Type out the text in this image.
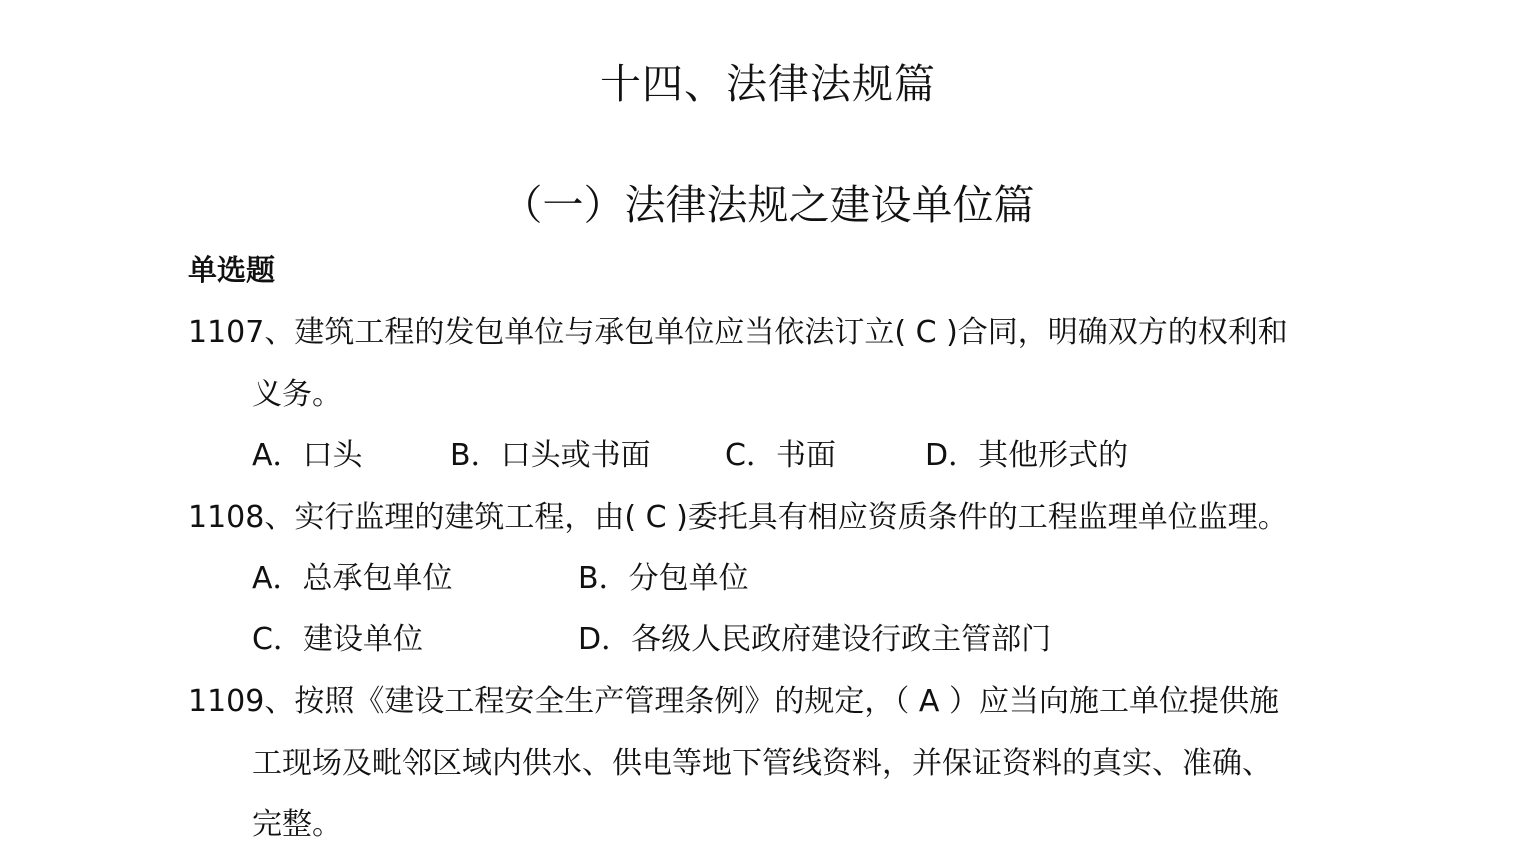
十四、法律法规篇
（一）法律法规之建设单位篇
单选题
1107、建筑工程的发包单位与承包单位应当依法订立( C )合同，明确双方的权利和
义务。
A．口头	B．口头或书面 C．书面	D．其他形式的
1108、实行监理的建筑工程，由( C )委托具有相应资质条件的工程监理单位监理。
A．总承包单位	B．分包单位
C．建设单位	D．各级人民政府建设行政主管部门
1109、按照《建设工程安全生产管理条例》的规定，（ A ）应当向施工单位提供施
工现场及毗邻区域内供水、供电等地下管线资料，并保证资料的真实、准确、
完整。
